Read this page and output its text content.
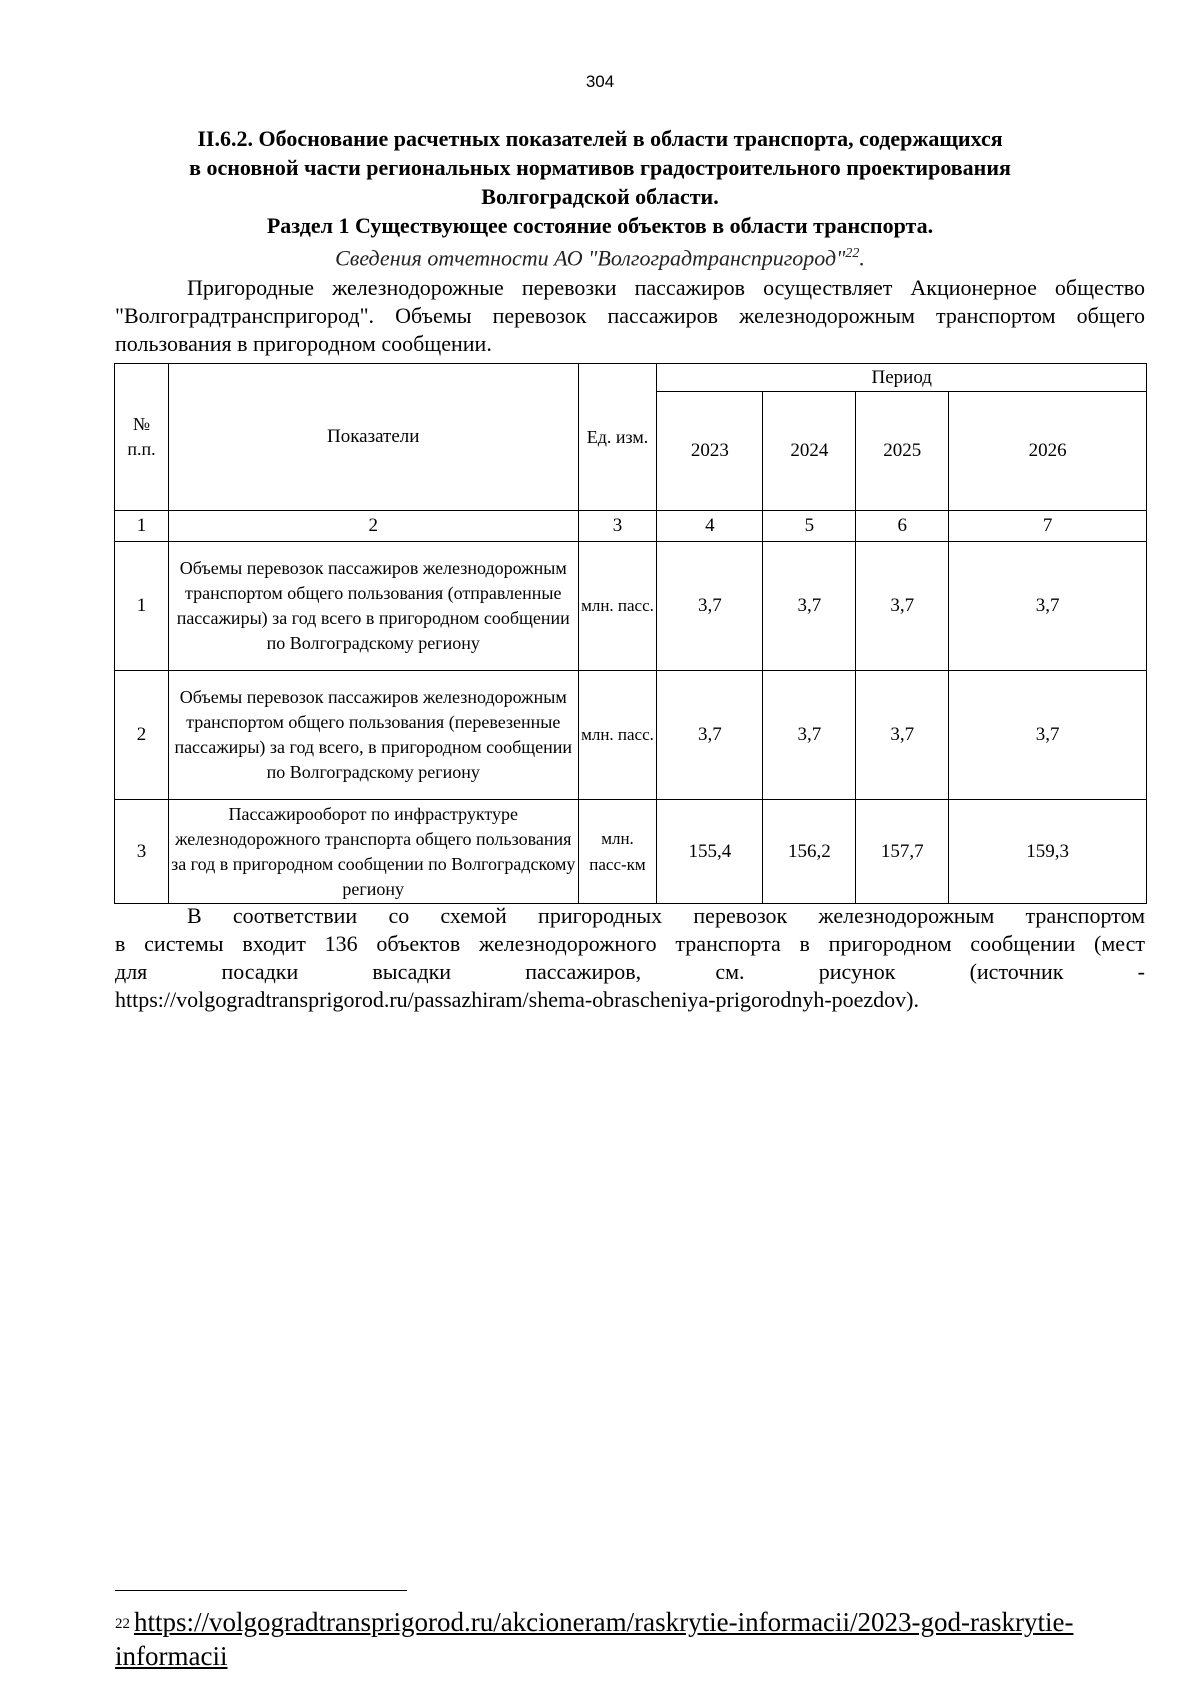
304
II.6.2. Обоснование расчетных показателей в области транспорта, содержащихся
в основной части региональных нормативов градостроительного проектирования
Волгоградской области.
Раздел 1 Существующее состояние объектов в области транспорта.
Сведения отчетности АО "Волгоградтранспригород"$^{22}$.
Пригородные железнодорожные перевозки пассажиров осуществляет Акционерное общество "Волгоградтранспригород". Объемы перевозок пассажиров железнодорожным транспортом общего пользования в пригородном сообщении.
№ п.п.	Показатели	Ед. изм.	Период			
			2023	2024	2025	2026
1	2	3	4	5	6	7
1	Объемы перевозок пассажиров железнодорожным транспортом общего пользования (отправленные пассажиры) за год всего в пригородном сообщении по Волгоградскому региону	млн. пасс.	3,7	3,7	3,7	3,7
2	Объемы перевозок пассажиров железнодорожным транспортом общего пользования (перевезенные пассажиры) за год всего, в пригородном сообщении по Волгоградскому региону	млн. пасс.	3,7	3,7	3,7	3,7
3	Пассажирооборот по инфраструктуре железнодорожного транспорта общего пользования за год в пригородном сообщении по Волгоградскому региону	млн. пасс-км	155,4	156,2	157,7	159,3
В соответствии со схемой пригородных перевозок железнодорожным транспортом
в системы входит 136 объектов железнодорожного транспорта в пригородном сообщении (мест
для посадки высадки пассажиров, см. рисунок (источник -
https://volgogradtransprigorod.ru/passazhiram/shema-obrascheniya-prigorodnyh-poezdov).
$^{22}$ https://volgogradtransprigorod.ru/akcioneram/raskrytie-informacii/2023-god-raskrytie-informacii
